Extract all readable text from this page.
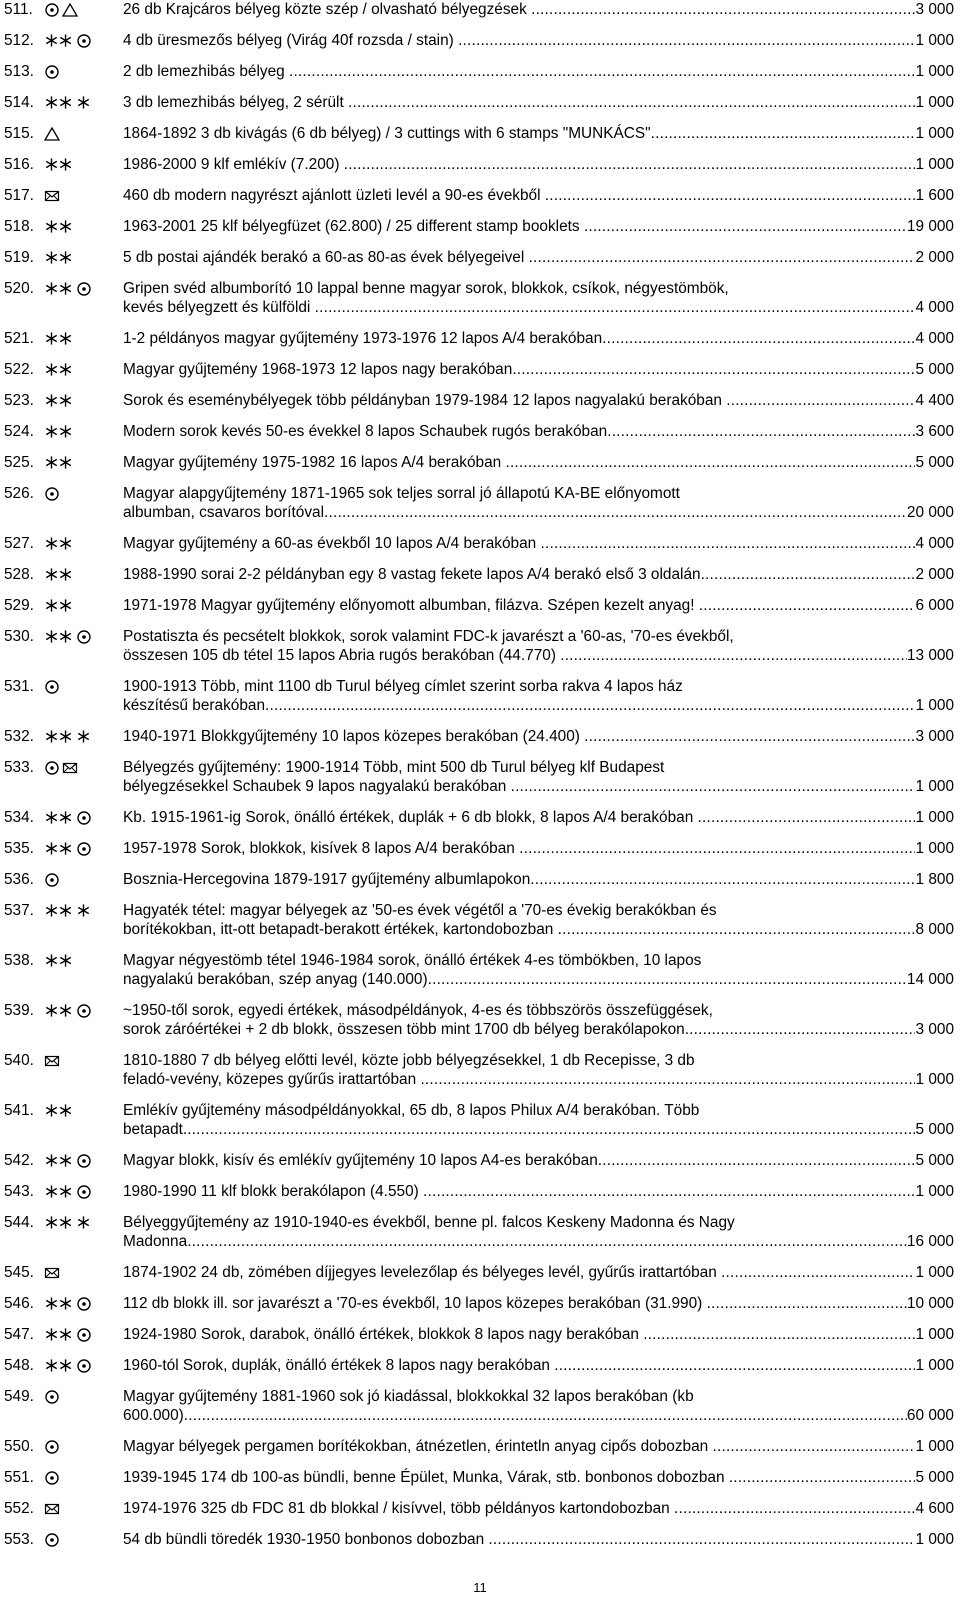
511.	26 db Krajcáros bélyeg közte szép / olvasható bélyegzések .....	3 000
512.	4 db üresmezős bélyeg (Virág 40f rozsda / stain) .....	1 000
513.	2 db lemezhibás bélyeg .....	1 000
514.	3 db lemezhibás bélyeg, 2 sérült .....	1 000
515.	1864-1892 3 db kivágás (6 db bélyeg) / 3 cuttings with 6 stamps "MUNKÁCS" .....	1 000
516.	1986-2000 9 klf emlékív (7.200) .....	1 000
517.	460 db modern nagyrészt ajánlott üzleti levél a 90-es évekből .....	1 600
518.	1963-2001 25 klf bélyegfüzet (62.800) / 25 different stamp booklets .....	19 000
519.	5 db postai ajándék berakó a 60-as 80-as évek bélyegeivel .....	2 000
520.	Gripen svéd albumborító 10 lappal benne magyar sorok, blokkok, csíkok, négyestömbök,
kevés bélyegzett és külföldi .....	4 000
521.	1-2 példányos magyar gyűjtemény 1973-1976 12 lapos A/4 berakóban .....	4 000
522.	Magyar gyűjtemény 1968-1973 12 lapos nagy berakóban .....	5 000
523.	Sorok és eseménybélyegek több példányban 1979-1984 12 lapos nagyalakú berakóban .....	4 400
524.	Modern sorok kevés 50-es évekkel 8 lapos Schaubek rugós berakóban .....	3 600
525.	Magyar gyűjtemény 1975-1982 16 lapos A/4 berakóban .....	5 000
526.	Magyar alapgyűjtemény 1871-1965 sok teljes sorral jó állapotú KA-BE előnyomott
albumban, csavaros borítóval .....	20 000
527.	Magyar gyűjtemény a 60-as évekből 10 lapos A/4 berakóban .....	4 000
528.	1988-1990 sorai 2-2 példányban egy 8 vastag fekete lapos A/4 berakó első 3 oldalán .....	2 000
529.	1971-1978 Magyar gyűjtemény előnyomott albumban, filázva. Szépen kezelt anyag! .....	6 000
530.	Postatiszta és pecsételt blokkok, sorok valamint FDC-k javarészt a '60-as, '70-es évekből,
összesen 105 db tétel 15 lapos Abria rugós berakóban (44.770) .....	13 000
531.	1900-1913 Több, mint 1100 db Turul bélyeg címlet szerint sorba rakva 4 lapos ház
készítésű berakóban .....	1 000
532.	1940-1971 Blokkgyűjtemény 10 lapos közepes berakóban (24.400) .....	3 000
533.	Bélyegzés gyűjtemény: 1900-1914 Több, mint 500 db Turul bélyeg klf Budapest
bélyegzésekkel Schaubek 9 lapos nagyalakú berakóban .....	1 000
534.	Kb. 1915-1961-ig Sorok, önálló értékek, duplák + 6 db blokk, 8 lapos A/4 berakóban .....	1 000
535.	1957-1978 Sorok, blokkok, kisívek 8 lapos A/4 berakóban .....	1 000
536.	Bosznia-Hercegovina 1879-1917 gyűjtemény albumlapokon .....	1 800
537.	Hagyaték tétel: magyar bélyegek az '50-es évek végétől a '70-es évekig berakókban és
borítékokban, itt-ott betapadt-berakott értékek, kartondobozban .....	8 000
538.	Magyar négyestömb tétel 1946-1984 sorok, önálló értékek 4-es tömbökben, 10 lapos
nagyalakú berakóban, szép anyag (140.000) .....	14 000
539.	~1950-től sorok, egyedi értékek, másodpéldányok, 4-es és többszörös összefüggések,
sorok záróértékei + 2 db blokk, összesen több mint 1700 db bélyeg berakólapokon .....	3 000
540.	1810-1880 7 db bélyeg előtti levél, közte jobb bélyegzésekkel, 1 db Recepisse, 3 db
feladó-vevény, közepes gyűrűs irattartóban .....	1 000
541.	Emlékív gyűjtemény másodpéldányokkal, 65 db, 8 lapos Philux A/4 berakóban. Több
betapadt. .....	5 000
542.	Magyar blokk, kisív és emlékív gyűjtemény 10 lapos A4-es berakóban .....	5 000
543.	1980-1990 11 klf blokk berakólapon (4.550) .....	1 000
544.	Bélyeggyűjtemény az 1910-1940-es évekből, benne pl. falcos Keskeny Madonna és Nagy
Madonna .....	16 000
545.	1874-1902 24 db, zömében díjjegyes levelezőlap és bélyeges levél, gyűrűs irattartóban .....	1 000
546.	112 db blokk ill. sor javarészt a '70-es évekből, 10 lapos közepes berakóban (31.990) .....	10 000
547.	1924-1980 Sorok, darabok, önálló értékek, blokkok 8 lapos nagy berakóban .....	1 000
548.	1960-tól Sorok, duplák, önálló értékek 8 lapos nagy berakóban .....	1 000
549.	Magyar gyűjtemény 1881-1960 sok jó kiadással, blokkokkal 32 lapos berakóban (kb
600.000) .....	60 000
550.	Magyar bélyegek pergamen borítékokban, átnézetlen, érintetln anyag cipős dobozban .....	1 000
551.	1939-1945 174 db 100-as bündli, benne Épület, Munka, Várak, stb. bonbonos dobozban .....	5 000
552.	1974-1976 325 db FDC 81 db blokkal / kisívvel, több példányos kartondobozban .....	4 600
553.	54 db bündli töredék 1930-1950 bonbonos dobozban .....	1 000
11
